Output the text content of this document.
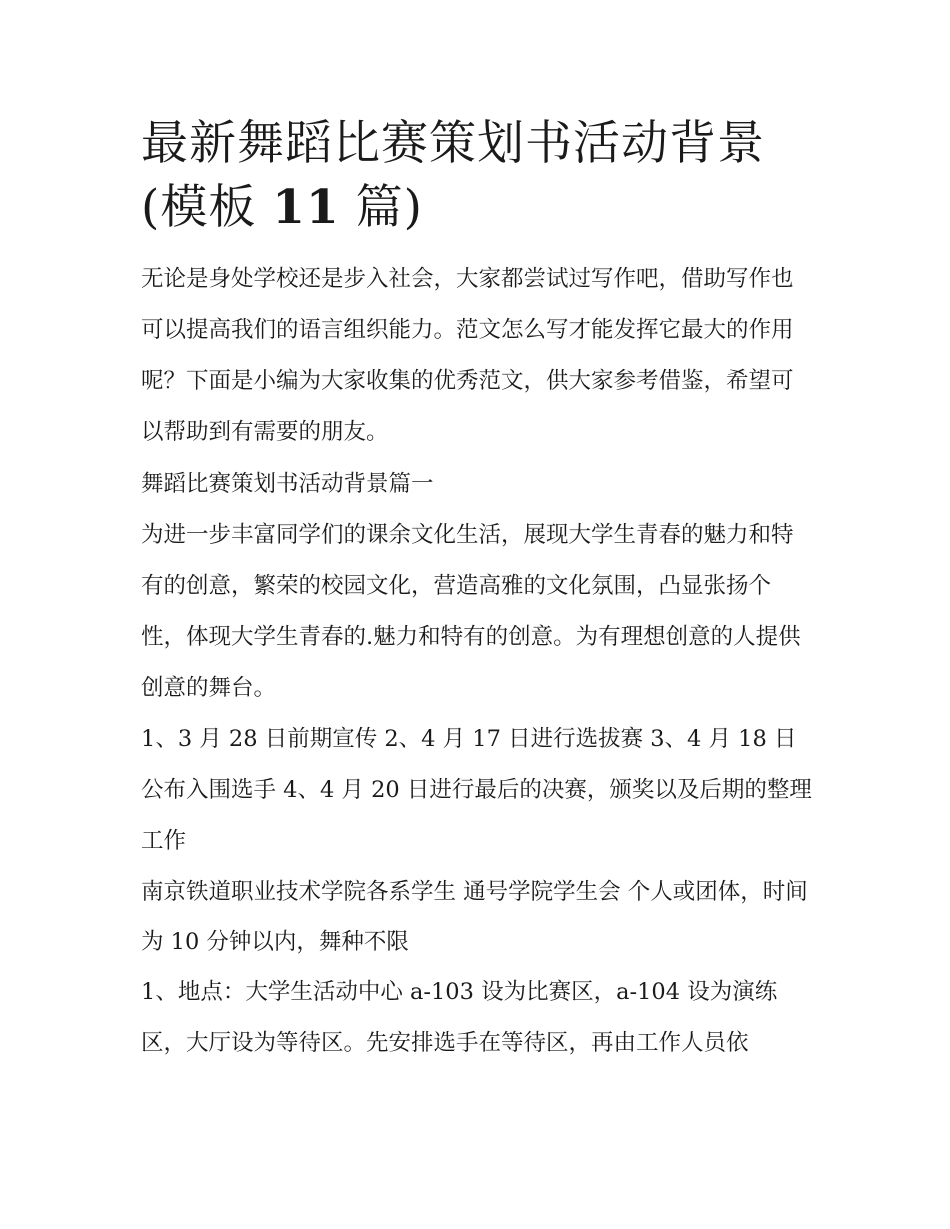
最新舞蹈比赛策划书活动背景
(模板 11 篇)

无论是身处学校还是步入社会，大家都尝试过写作吧，借助写作也可以提高我们的语言组织能力。范文怎么写才能发挥它最大的作用呢？下面是小编为大家收集的优秀范文，供大家参考借鉴，希望可以帮助到有需要的朋友。

舞蹈比赛策划书活动背景篇一

为进一步丰富同学们的课余文化生活，展现大学生青春的魅力和特有的创意，繁荣的校园文化，营造高雅的文化氛围，凸显张扬个性，体现大学生青春的.魅力和特有的创意。为有理想创意的人提供创意的舞台。

1、3 月 28 日前期宣传 2、4 月 17 日进行选拔赛 3、4 月 18 日公布入围选手 4、4 月 20 日进行最后的决赛，颁奖以及后期的整理工作

南京铁道职业技术学院各系学生 通号学院学生会 个人或团体，时间为 10 分钟以内，舞种不限

1、地点：大学生活动中心 a-103 设为比赛区，a-104 设为演练区，大厅设为等待区。先安排选手在等待区，再由工作人员依
